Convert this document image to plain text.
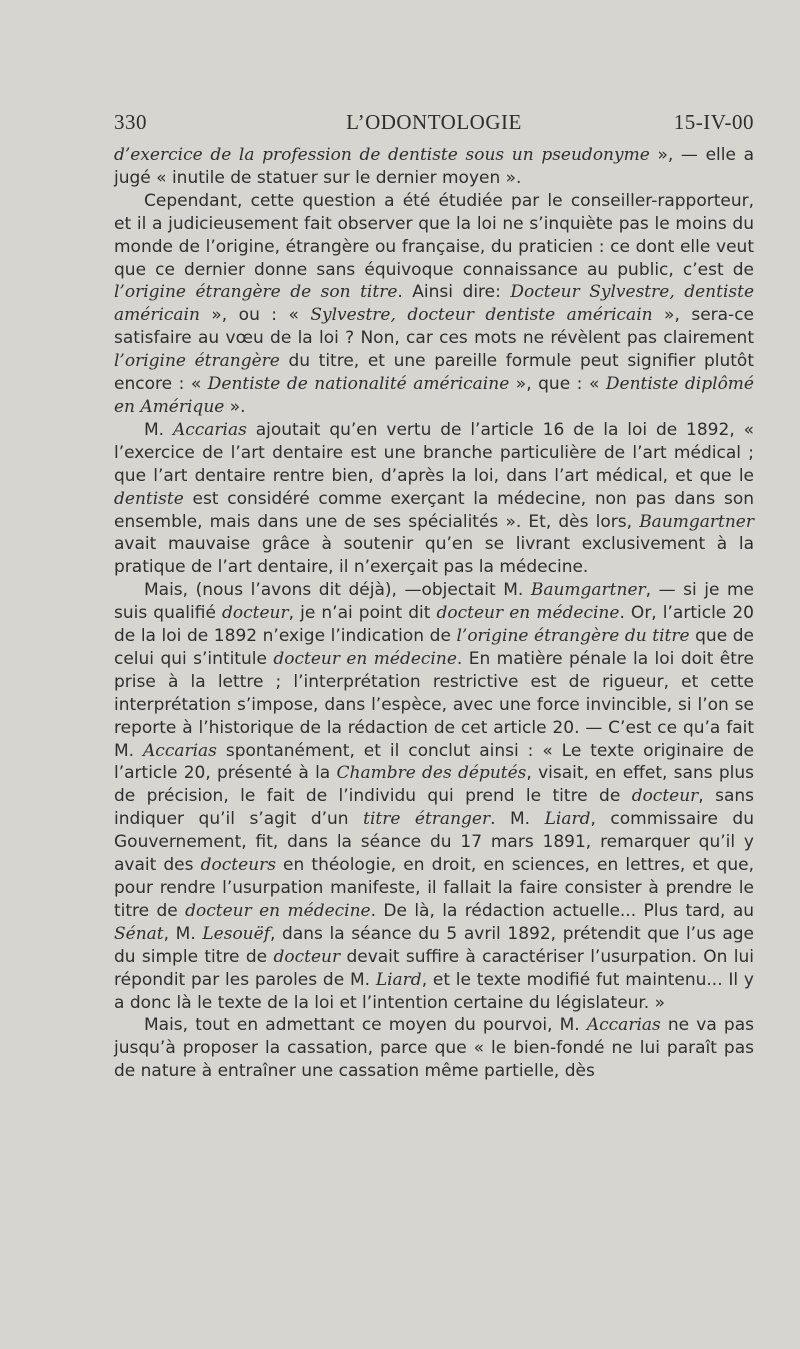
330	L’ODONTOLOGIE	15-IV-00

d’exercice de la profession de dentiste sous un pseudonyme », — elle a jugé « inutile de statuer sur le dernier moyen ».

Cependant, cette question a été étudiée par le conseiller-rapporteur, et il a judicieusement fait observer que la loi ne s’inquiète pas le moins du monde de l’origine, étrangère ou française, du praticien : ce dont elle veut que ce dernier donne sans équivoque connaissance au public, c’est de l’origine étrangère de son titre. Ainsi dire: Docteur Sylvestre, dentiste américain », ou : « Sylvestre, docteur dentiste américain », sera-ce satisfaire au vœu de la loi ? Non, car ces mots ne révèlent pas clairement l’origine étrangère du titre, et une pareille formule peut signifier plutôt encore : « Dentiste de nationalité américaine », que : « Dentiste diplômé en Amérique ».

M. Accarias ajoutait qu’en vertu de l’article 16 de la loi de 1892, « l’exercice de l’art dentaire est une branche particulière de l’art médical ; que l’art dentaire rentre bien, d’après la loi, dans l’art médical, et que le dentiste est considéré comme exerçant la médecine, non pas dans son ensemble, mais dans une de ses spécialités ». Et, dès lors, Baumgartner avait mauvaise grâce à soutenir qu’en se livrant exclusivement à la pratique de l’art dentaire, il n’exerçait pas la médecine.

Mais, (nous l’avons dit déjà), —objectait M. Baumgartner, — si je me suis qualifié docteur, je n’ai point dit docteur en médecine. Or, l’article 20 de la loi de 1892 n’exige l’indication de l’origine étrangère du titre que de celui qui s’intitule docteur en médecine. En matière pénale la loi doit être prise à la lettre ; l’interprétation restrictive est de rigueur, et cette interprétation s’impose, dans l’espèce, avec une force invincible, si l’on se reporte à l’historique de la rédaction de cet article 20. — C’est ce qu’a fait M. Accarias spontanément, et il conclut ainsi : « Le texte originaire de l’article 20, présenté à la Chambre des députés, visait, en effet, sans plus de précision, le fait de l’individu qui prend le titre de docteur, sans indiquer qu’il s’agit d’un titre étranger. M. Liard, commissaire du Gouvernement, fit, dans la séance du 17 mars 1891, remarquer qu’il y avait des docteurs en théologie, en droit, en sciences, en lettres, et que, pour rendre l’usurpation manifeste, il fallait la faire consister à prendre le titre de docteur en médecine. De là, la rédaction actuelle... Plus tard, au Sénat, M. Lesouëf, dans la séance du 5 avril 1892, prétendit que l’us age du simple titre de docteur devait suffire à caractériser l’usurpation. On lui répondit par les paroles de M. Liard, et le texte modifié fut maintenu... Il y a donc là le texte de la loi et l’intention certaine du législateur. »

Mais, tout en admettant ce moyen du pourvoi, M. Accarias ne va pas jusqu’à proposer la cassation, parce que « le bien-fondé ne lui paraît pas de nature à entraîner une cassation même partielle, dès
